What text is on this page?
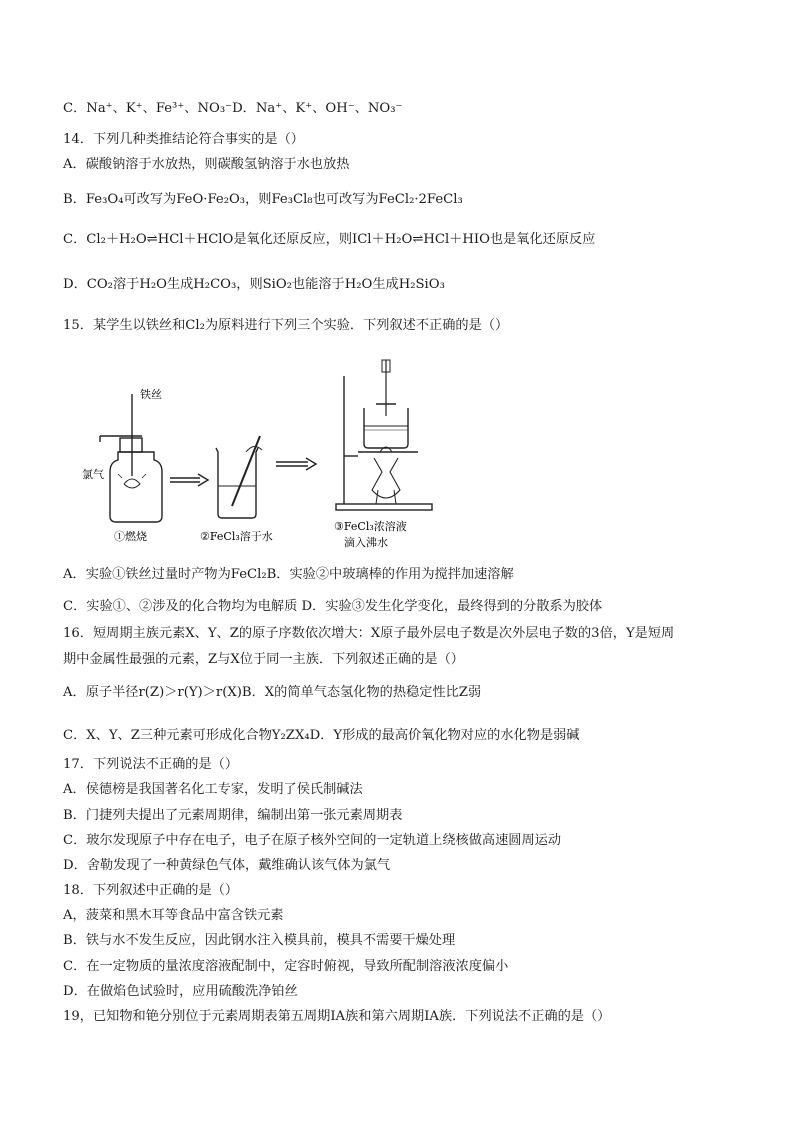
C．Na⁺、K⁺、Fe³⁺、NO₃⁻D．Na⁺、K⁺、OH⁻、NO₃⁻
14．下列几种类推结论符合事实的是（）
A．碳酸钠溶于水放热，则碳酸氢钠溶于水也放热
B．Fe₃O₄可改写为FeO·Fe₂O₃，则Fe₃Cl₈也可改写为FeCl₂·2FeCl₃
C．Cl₂＋H₂O⇌HCl＋HClO是氧化还原反应，则ICl＋H₂O⇌HCl＋HIO也是氧化还原反应
D．CO₂溶于H₂O生成H₂CO₃，则SiO₂也能溶于H₂O生成H₂SiO₃
15．某学生以铁丝和Cl₂为原料进行下列三个实验．下列叙述不正确的是（）
铁丝
氯气
①燃烧	②FeCl₃溶于水
③FeCl₃浓溶液
滴入沸水
A．实验①铁丝过量时产物为FeCl₂B．实验②中玻璃棒的作用为搅拌加速溶解
C．实验①、②涉及的化合物均为电解质 D．实验③发生化学变化，最终得到的分散系为胶体
16．短周期主族元素X、Y、Z的原子序数依次增大：X原子最外层电子数是次外层电子数的3倍，Y是短周
期中金属性最强的元素，Z与X位于同一主族．下列叙述正确的是（）
A．原子半径r(Z)＞r(Y)＞r(X)B．X的简单气态氢化物的热稳定性比Z弱
C．X、Y、Z三种元素可形成化合物Y₂ZX₄D．Y形成的最高价氧化物对应的水化物是弱碱
17．下列说法不正确的是（）
A．侯德榜是我国著名化工专家，发明了侯氏制碱法
B．门捷列夫提出了元素周期律，编制出第一张元素周期表
C．玻尔发现原子中存在电子，电子在原子核外空间的一定轨道上绕核做高速圆周运动
D．舍勒发现了一种黄绿色气体，戴维确认该气体为氯气
18．下列叙述中正确的是（）
A，菠菜和黑木耳等食品中富含铁元素
B．铁与水不发生反应，因此钢水注入模具前，模具不需要干燥处理
C．在一定物质的量浓度溶液配制中，定容时俯视，导致所配制溶液浓度偏小
D．在做焰色试验时，应用硫酸洗净铂丝
19，已知物和铯分别位于元素周期表第五周期ⅠA族和第六周期ⅠA族．下列说法不正确的是（）
